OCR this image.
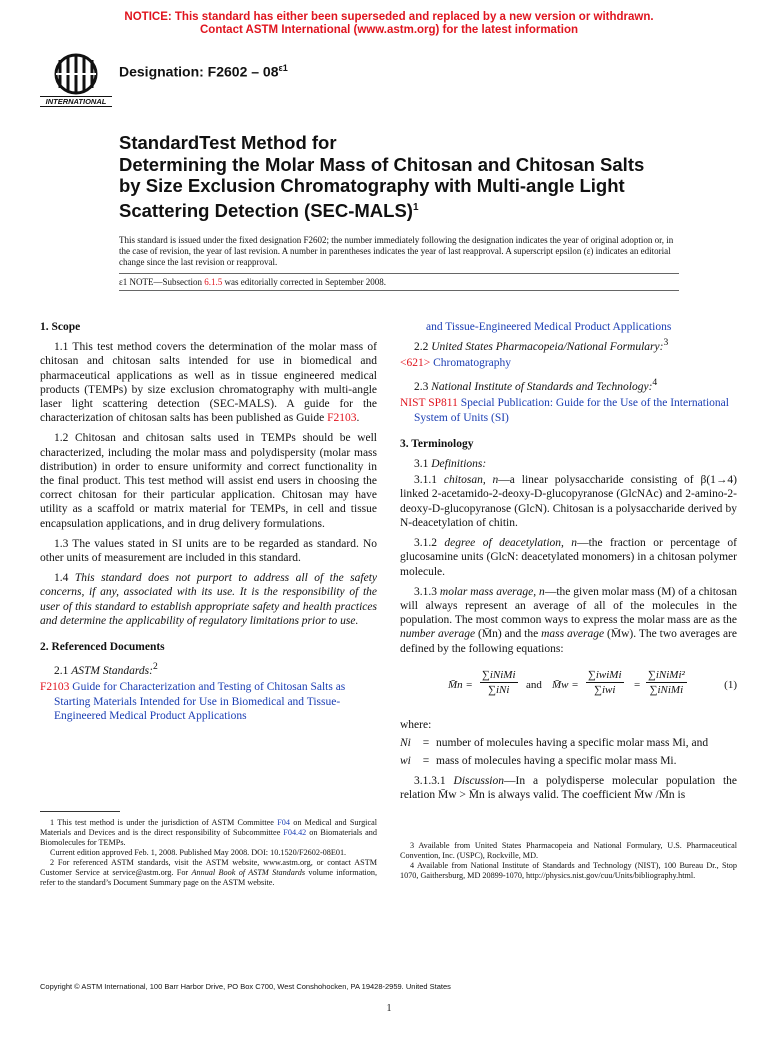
NOTICE: This standard has either been superseded and replaced by a new version or withdrawn.
Contact ASTM International (www.astm.org) for the latest information
INTERNATIONAL
Designation: $F2602 - 08^{\varepsilon 1}$
StandardTest Method for
Determining the Molar Mass of Chitosan and Chitosan Salts
by Size Exclusion Chromatography with Multi-angle Light
Scattering Detection (SEC-MALS)$^1$
This standard is issued under the fixed designation F2602; the number immediately following the designation indicates the year of original adoption or, in the case of revision, the year of last revision. A number in parentheses indicates the year of last reapproval. A superscript epsilon (ε) indicates an editorial change since the last revision or reapproval.
ε1 NOTE—Subsection 6.1.5 was editorially corrected in September 2008.
1. Scope

1.1 This test method covers the determination of the molar mass of chitosan and chitosan salts intended for use in biomedical and pharmaceutical applications as well as in tissue engineered medical products (TEMPs) by size exclusion chromatography with multi-angle laser light scattering detection (SEC-MALS). A guide for the characterization of chitosan salts has been published as Guide F2103.

1.2 Chitosan and chitosan salts used in TEMPs should be well characterized, including the molar mass and polydispersity (molar mass distribution) in order to ensure uniformity and correct functionality in the final product. This test method will assist end users in choosing the correct chitosan for their particular application. Chitosan may have utility as a scaffold or matrix material for TEMPs, in cell and tissue encapsulation applications, and in drug delivery formulations.

1.3 The values stated in SI units are to be regarded as standard. No other units of measurement are included in this standard.

1.4 This standard does not purport to address all of the safety concerns, if any, associated with its use. It is the responsibility of the user of this standard to establish appropriate safety and health practices and determine the applicability of regulatory limitations prior to use.

2. Referenced Documents

2.1 ASTM Standards:$^2$

F2103 Guide for Characterization and Testing of Chitosan Salts as Starting Materials Intended for Use in Biomedical and Tissue-Engineered Medical Product Applications

1 This test method is under the jurisdiction of ASTM Committee F04 on Medical and Surgical Materials and Devices and is the direct responsibility of Subcommittee F04.42 on Biomaterials and Biomolecules for TEMPs.

Current edition approved Feb. 1, 2008. Published May 2008. DOI: 10.1520/F2602-08E01.

2 For referenced ASTM standards, visit the ASTM website, www.astm.org, or contact ASTM Customer Service at service@astm.org. For Annual Book of ASTM Standards volume information, refer to the standard’s Document Summary page on the ASTM website.

and Tissue-Engineered Medical Product Applications

2.2 United States Pharmacopeia/National Formulary:$^3$

<621> Chromatography

2.3 National Institute of Standards and Technology:$^4$

NIST SP811 Special Publication: Guide for the Use of the International System of Units (SI)

3. Terminology

3.1 Definitions:

3.1.1 chitosan, n—a linear polysaccharide consisting of β(1→4) linked 2-acetamido-2-deoxy-D-glucopyranose (GlcNAc) and 2-amino-2-deoxy-D-glucopyranose (GlcN). Chitosan is a polysaccharide derived by N-deacetylation of chitin.

3.1.2 degree of deacetylation, n—the fraction or percentage of glucosamine units (GlcN: deacetylated monomers) in a chitosan polymer molecule.

3.1.3 molar mass average, n—the given molar mass (M) of a chitosan will always represent an average of all of the molecules in the population. The most common ways to express the molar mass are as the number average (M̄n) and the mass average (M̄w). The two averages are defined by the following equations:

M̄n =
∑iNiMi
∑iNi	and M̄w =
∑iwiMi
∑iwi	=
∑iNiMi²
∑iNiMi	(1)

where:

Ni	=	number of molecules having a specific molar mass Mi, and
wi	=	mass of molecules having a specific molar mass Mi.

3.1.3.1 Discussion—In a polydisperse molecular population the relation M̄w > M̄n is always valid. The coefficient M̄w /M̄n is

3 Available from United States Pharmacopeia and National Formulary, U.S. Pharmaceutical Convention, Inc. (USPC), Rockville, MD.

4 Available from National Institute of Standards and Technology (NIST), 100 Bureau Dr., Stop 1070, Gaithersburg, MD 20899-1070, http://physics.nist.gov/cuu/Units/bibliography.html.

Copyright © ASTM International, 100 Barr Harbor Drive, PO Box C700, West Conshohocken, PA 19428-2959. United States
1
